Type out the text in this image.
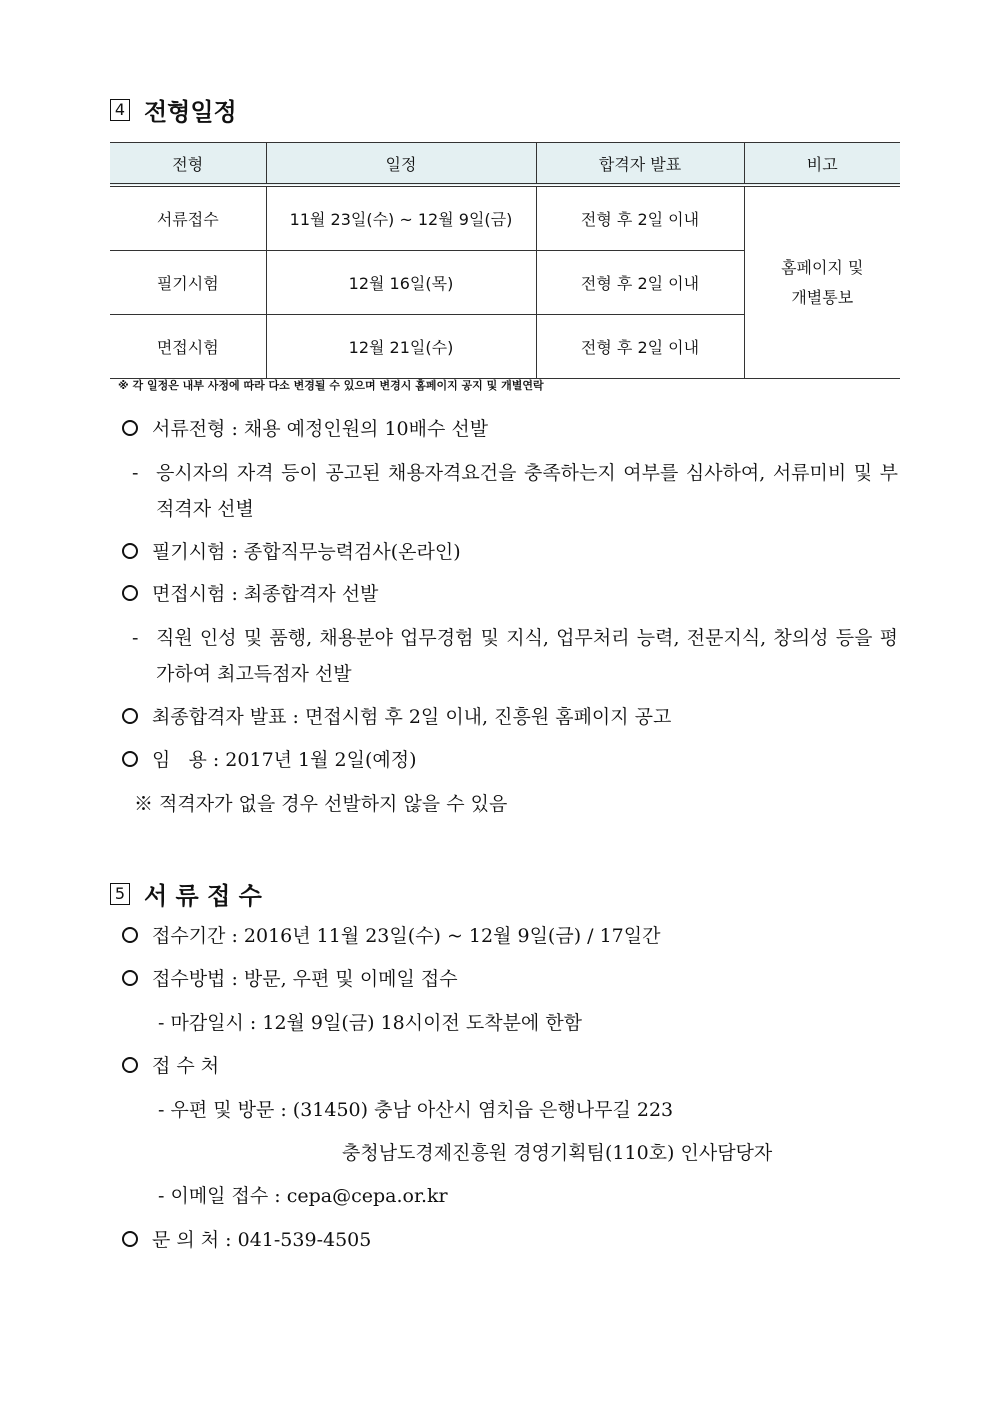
4 전형일정
전형	일정	합격자 발표	비고
서류접수	11월 23일(수) ~ 12월 9일(금)	전형 후 2일 이내	홈페이지 및
개별통보

필기시험	12월 16일(목)	전형 후 2일 이내	
면접시험	12월 21일(수)	전형 후 2일 이내	
※ 각 일정은 내부 사정에 따라 다소 변경될 수 있으며 변경시 홈페이지 공지 및 개별연락
서류전형 : 채용 예정인원의 10배수 선발
- 응시자의 자격 등이 공고된 채용자격요건을 충족하는지 여부를 심사하여, 서류미비 및 부적격자 선별
필기시험 : 종합직무능력검사(온라인)
면접시험 : 최종합격자 선발
- 직원 인성 및 품행, 채용분야 업무경험 및 지식, 업무처리 능력, 전문지식, 창의성 등을 평가하여 최고득점자 선발
최종합격자 발표 : 면접시험 후 2일 이내, 진흥원 홈페이지 공고
임   용 : 2017년 1월 2일(예정)
※ 적격자가 없을 경우 선발하지 않을 수 있음
5 서 류 접 수
접수기간 : 2016년 11월 23일(수) ~ 12월 9일(금) / 17일간
접수방법 : 방문, 우편 및 이메일 접수
- 마감일시 : 12월 9일(금) 18시이전 도착분에 한함
접 수 처
- 우편 및 방문 : (31450) 충남 아산시 염치읍 은행나무길 223
충청남도경제진흥원 경영기획팀(110호) 인사담당자
- 이메일 접수 : cepa@cepa.or.kr
문 의 처 : 041-539-4505
